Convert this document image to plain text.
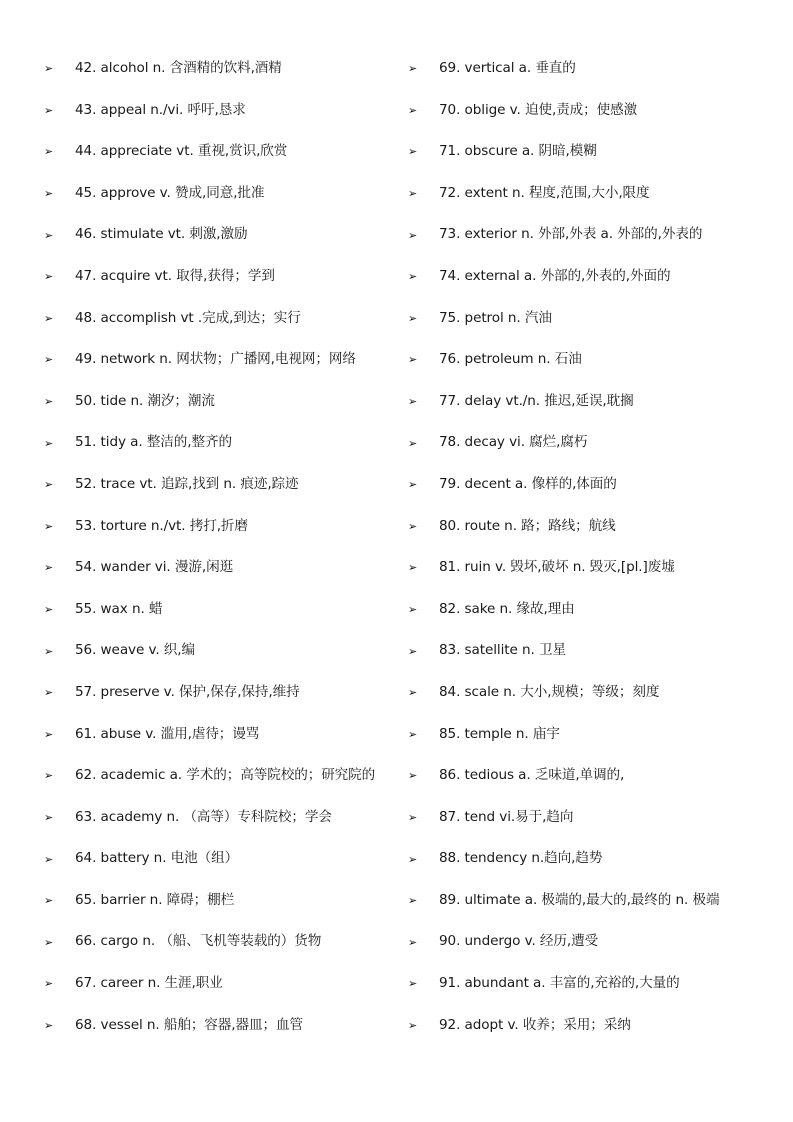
➢	42. alcohol n. 含酒精的饮料,酒精
➢	43. appeal n./vi. 呼吁,恳求
➢	44. appreciate vt. 重视,赏识,欣赏
➢	45. approve v. 赞成,同意,批准
➢	46. stimulate vt. 刺激,激励
➢	47. acquire vt. 取得,获得；学到
➢	48. accomplish vt .完成,到达；实行
➢	49. network n. 网状物；广播网,电视网；网络
➢	50. tide n. 潮汐；潮流
➢	51. tidy a. 整洁的,整齐的
➢	52. trace vt. 追踪,找到 n. 痕迹,踪迹
➢	53. torture n./vt. 拷打,折磨
➢	54. wander vi. 漫游,闲逛
➢	55. wax n. 蜡
➢	56. weave v. 织,编
➢	57. preserve v. 保护,保存,保持,维持
➢	61. abuse v. 滥用,虐待；谩骂
➢	62. academic a. 学术的；高等院校的；研究院的
➢	63. academy n. （高等）专科院校；学会
➢	64. battery n. 电池（组）
➢	65. barrier n. 障碍；棚栏
➢	66. cargo n. （船、飞机等装载的）货物
➢	67. career n. 生涯,职业
➢	68. vessel n. 船舶；容器,器皿；血管
➢	69. vertical a. 垂直的
➢	70. oblige v. 迫使,责成；使感激
➢	71. obscure a. 阴暗,模糊
➢	72. extent n. 程度,范围,大小,限度
➢	73. exterior n. 外部,外表 a. 外部的,外表的
➢	74. external a. 外部的,外表的,外面的
➢	75. petrol n. 汽油
➢	76. petroleum n. 石油
➢	77. delay vt./n. 推迟,延误,耽搁
➢	78. decay vi. 腐烂,腐朽
➢	79. decent a. 像样的,体面的
➢	80. route n. 路；路线；航线
➢	81. ruin v. 毁坏,破坏 n. 毁灭,[pl.]废墟
➢	82. sake n. 缘故,理由
➢	83. satellite n. 卫星
➢	84. scale n. 大小,规模；等级；刻度
➢	85. temple n. 庙宇
➢	86. tedious a. 乏味道,单调的,
➢	87. tend vi.易于,趋向
➢	88. tendency n.趋向,趋势
➢	89. ultimate a. 极端的,最大的,最终的 n. 极端
➢	90. undergo v. 经历,遭受
➢	91. abundant a. 丰富的,充裕的,大量的
➢	92. adopt v. 收养；采用；采纳
